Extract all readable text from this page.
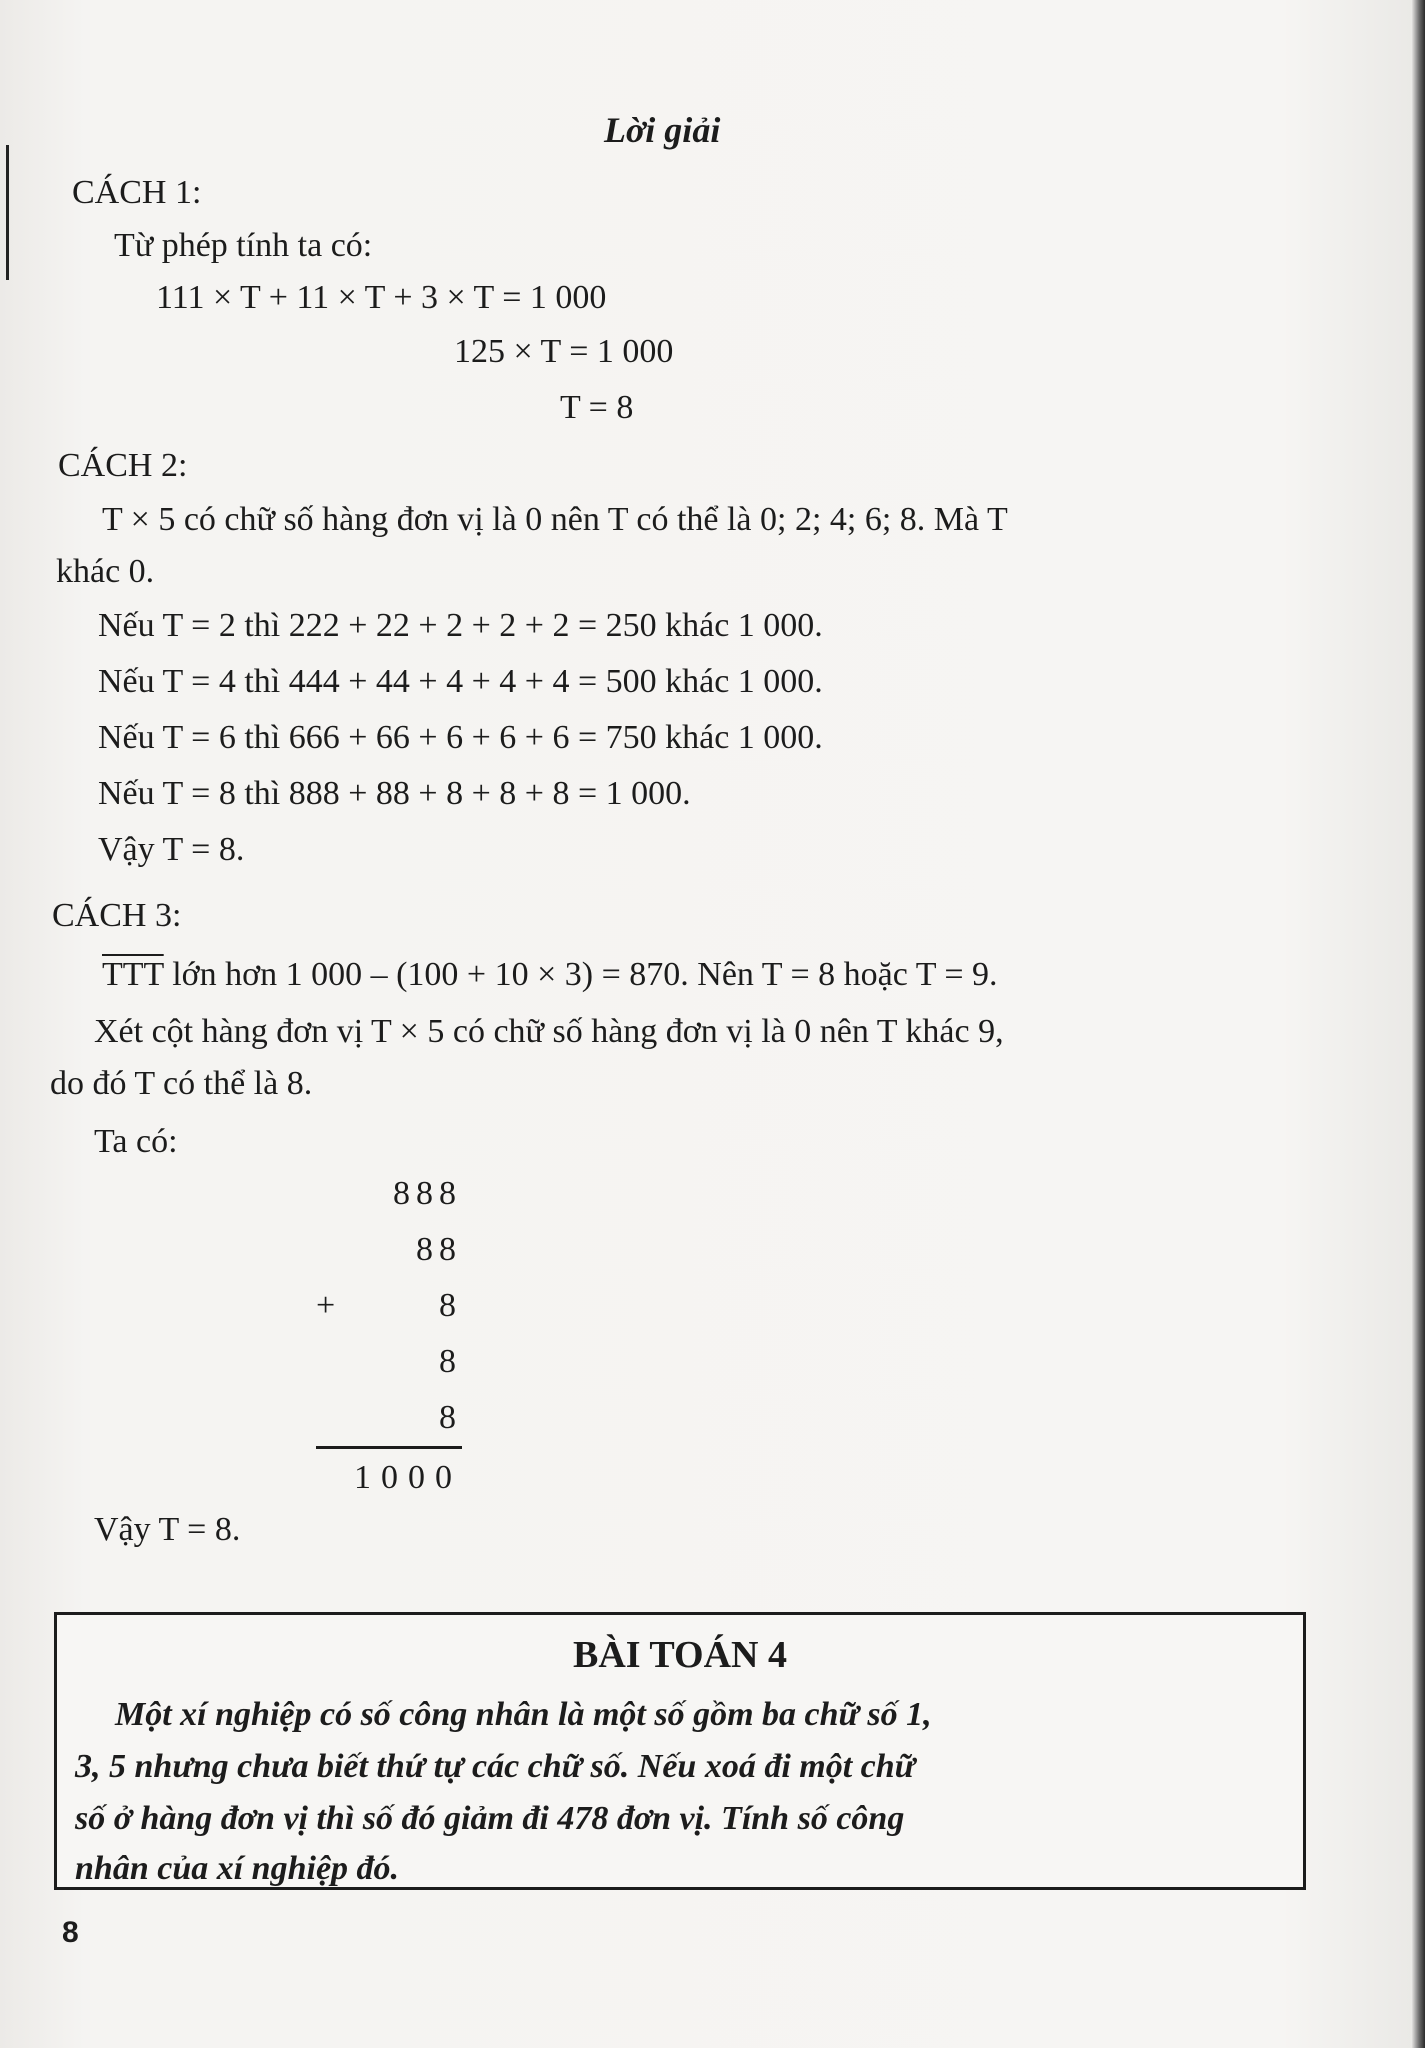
Lời giải
CÁCH 1:
Từ phép tính ta có:
111 × T + 11 × T + 3 × T = 1 000
125 × T = 1 000
T = 8
CÁCH 2:
T × 5 có chữ số hàng đơn vị là 0 nên T có thể là 0; 2; 4; 6; 8. Mà T
khác 0.
Nếu T = 2 thì 222 + 22 + 2 + 2 + 2 = 250 khác 1 000.
Nếu T = 4 thì 444 + 44 + 4 + 4 + 4 = 500 khác 1 000.
Nếu T = 6 thì 666 + 66 + 6 + 6 + 6 = 750 khác 1 000.
Nếu T = 8 thì 888 + 88 + 8 + 8 + 8 = 1 000.
Vậy T = 8.
CÁCH 3:
$\overline{TTT}$ lớn hơn 1 000 – (100 + 10 × 3) = 870. Nên T = 8 hoặc T = 9.
Xét cột hàng đơn vị T × 5 có chữ số hàng đơn vị là 0 nên T khác 9,
do đó T có thể là 8.
Ta có:
888
88
8
8
8
1000
+
Vậy T = 8.
BÀI TOÁN 4
Một xí nghiệp có số công nhân là một số gồm ba chữ số 1,
3, 5 nhưng chưa biết thứ tự các chữ số. Nếu xoá đi một chữ
số ở hàng đơn vị thì số đó giảm đi 478 đơn vị. Tính số công
nhân của xí nghiệp đó.
8
